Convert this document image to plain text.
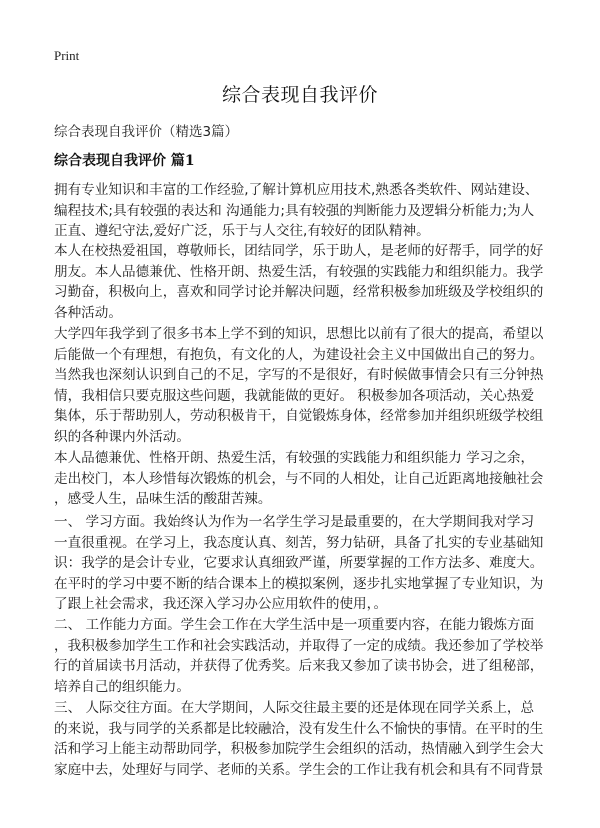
Print
综合表现自我评价
综合表现自我评价（精选3篇）
综合表现自我评价 篇1
拥有专业知识和丰富的工作经验,了解计算机应用技术,熟悉各类软件、网站建设、
编程技术;具有较强的表达和 沟通能力;具有较强的判断能力及逻辑分析能力;为人
正直、遵纪守法,爱好广泛，乐于与人交往,有较好的团队精神。
本人在校热爱祖国，尊敬师长，团结同学，乐于助人，是老师的好帮手，同学的好
朋友。本人品德兼优、性格开朗、热爱生活，有较强的实践能力和组织能力。我学
习勤奋，积极向上，喜欢和同学讨论并解决问题，经常积极参加班级及学校组织的
各种活动。
大学四年我学到了很多书本上学不到的知识，思想比以前有了很大的提高，希望以
后能做一个有理想，有抱负，有文化的人，为建设社会主义中国做出自己的努力。
当然我也深刻认识到自己的不足，字写的不是很好，有时候做事情会只有三分钟热
情，我相信只要克服这些问题，我就能做的更好。 积极参加各项活动，关心热爱
集体，乐于帮助别人，劳动积极肯干，自觉锻炼身体，经常参加并组织班级学校组
织的各种课内外活动。
本人品德兼优、性格开朗、热爱生活，有较强的实践能力和组织能力 学习之余，
走出校门，本人珍惜每次锻炼的机会，与不同的人相处，让自己近距离地接触社会
，感受人生，品味生活的酸甜苦辣。
一、 学习方面。我始终认为作为一名学生学习是最重要的，在大学期间我对学习
一直很重视。在学习上，我态度认真、刻苦，努力钻研，具备了扎实的专业基础知
识：我学的是会计专业，它要求认真细致严谨，所要掌握的工作方法多、难度大。
在平时的学习中要不断的结合课本上的模拟案例，逐步扎实地掌握了专业知识，为
了跟上社会需求，我还深入学习办公应用软件的使用，。
二、 工作能力方面。学生会工作在大学生活中是一项重要内容，在能力锻炼方面
，我积极参加学生工作和社会实践活动，并取得了一定的成绩。我还参加了学校举
行的首届读书月活动，并获得了优秀奖。后来我又参加了读书协会，进了组秘部，
培养自己的组织能力。
三、 人际交往方面。在大学期间，人际交往最主要的还是体现在同学关系上，总
的来说，我与同学的关系都是比较融洽，没有发生什么不愉快的事情。在平时的生
活和学习上能主动帮助同学，积极参加院学生会组织的活动，热情融入到学生会大
家庭中去，处理好与同学、老师的关系。学生会的工作让我有机会和具有不同背景
